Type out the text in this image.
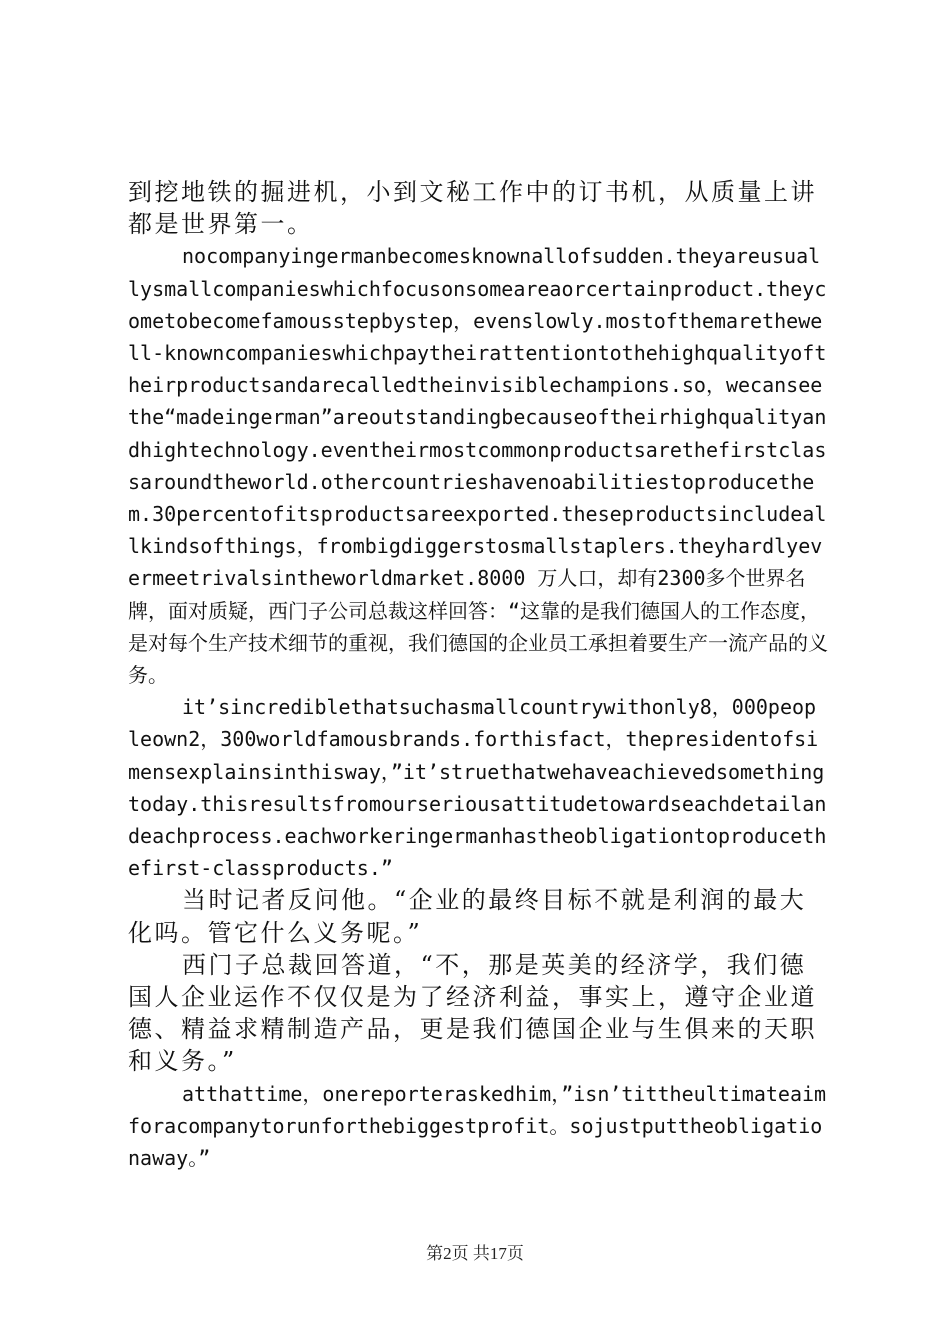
到挖地铁的掘进机，小到文秘工作中的订书机，从质量上讲都是世界第一。

nocompanyingermanbecomesknownallofsudden.theyareusuallysmallcompanieswhichfocusonsomeareaorcertainproduct.theycometobecomefamousstepbystep，evenslowly.mostofthemarethewell-knowncompanieswhichpaytheirattentiontothehighqualityoftheirproductsandarecalledtheinvisiblechampions.so，wecanseethe“madeingerman”areoutstandingbecauseoftheirhighqualityandhightechnology.eventheirmostcommonproductsarethefirstclassaroundtheworld.othercountrieshavenoabilitiestoproducethem.30percentofitsproductsareexported.theseproductsincludeallkindsofthings，frombigdiggerstosmallstaplers.theyhardlyevermeetrivalsintheworldmarket.8000 万人口，却有2300多个世界名牌，面对质疑，西门子公司总裁这样回答：“这靠的是我们德国人的工作态度，是对每个生产技术细节的重视，我们德国的企业员工承担着要生产一流产品的义务。

it’sincrediblethatsuchasmallcountrywithonly8，000peopleown2，300worldfamousbrands.forthisfact，thepresidentofsimensexplainsinthisway，”it’struethatwehaveachievedsomethingtoday.thisresultsfromourseriousattitudetowardseachdetailandeachprocess.eachworkeringermanhastheobligationtoproducethefirst-classproducts.”

当时记者反问他。“企业的最终目标不就是利润的最大化吗。管它什么义务呢。”

西门子总裁回答道，“不，那是英美的经济学，我们德国人企业运作不仅仅是为了经济利益，事实上，遵守企业道德、精益求精制造产品，更是我们德国企业与生俱来的天职和义务。”

atthattime，onereporteraskedhim，”isn’tittheultimateaimforacompanytorunforthebiggestprofit。sojustputtheobligationaway。”

第2页 共17页
